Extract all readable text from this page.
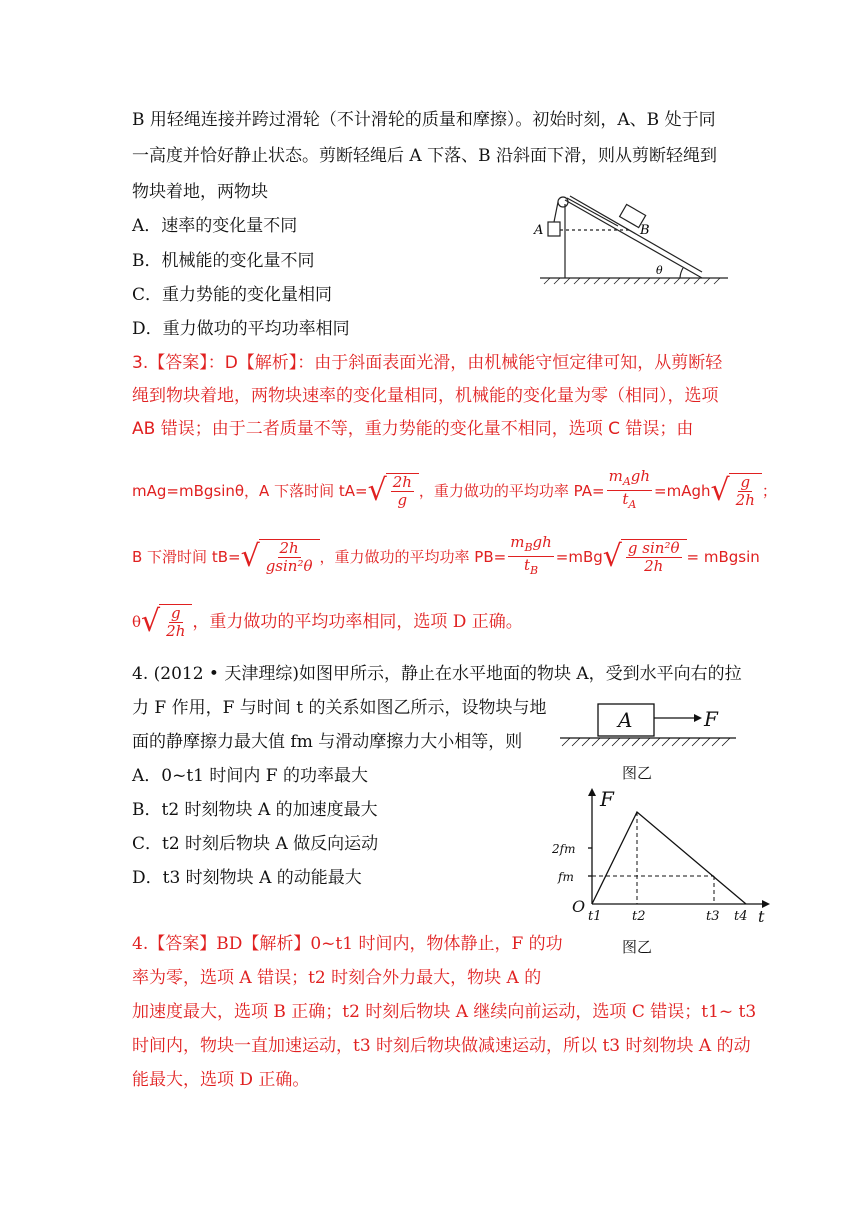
B 用轻绳连接并跨过滑轮（不计滑轮的质量和摩擦）。初始时刻，A、B 处于同
一高度并恰好静止状态。剪断轻绳后 A 下落、B 沿斜面下滑，则从剪断轻绳到
物块着地，两物块
A．速率的变化量不同
B．机械能的变化量不同
C．重力势能的变化量相同
D．重力做功的平均功率相同
A	B
θ
3.【答案】：D【解析】：由于斜面表面光滑，由机械能守恒定律可知，从剪断轻
绳到物块着地，两物块速率的变化量相同，机械能的变化量为零（相同），选项
AB 错误；由于二者质量不等，重力势能的变化量不相同，选项 C 错误；由
mAg=mBgsinθ，A 下落时间 tA= √ $\frac{2h}{g}$ ，重力做功的平均功率 $PA= \frac{m_Agh}{t_A}$ =mAgh √ $\frac{g}{2h}$ ；
B 下滑时间 tB= √ $\frac{2h}{\text{gsin²θ}}$ ，重力做功的平均功率 $PB= \frac{m_Bgh}{t_B} =mBg$ √ $\frac{\text{g sin²θ}}{2h} = mBgsin$
θ √ $\frac{g}{2h}$ ，重力做功的平均功率相同，选项 D 正确。
4. (2012 • 天津理综)如图甲所示，静止在水平地面的物块 A，受到水平向右的拉
力 F 作用，F 与时间 t 的关系如图乙所示，设物块与地
面的静摩擦力最大值 fm 与滑动摩擦力大小相等，则
A．0~t1 时间内 F 的功率最大
B．t2 时刻物块 A 的加速度最大
C．t2 时刻后物块 A 做反向运动
D．t3 时刻物块 A 的动能最大
A	F
图乙
F
t
O
2fm
fm
t1 t2	t3 t4
图乙
4.【答案】BD【解析】0~t1 时间内，物体静止，F 的功
率为零，选项 A 错误；t2 时刻合外力最大，物块 A 的
加速度最大，选项 B 正确；t2 时刻后物块 A 继续向前运动，选项 C 错误；t1~ t3
时间内，物块一直加速运动，t3 时刻后物块做减速运动，所以 t3 时刻物块 A 的动
能最大，选项 D 正确。
